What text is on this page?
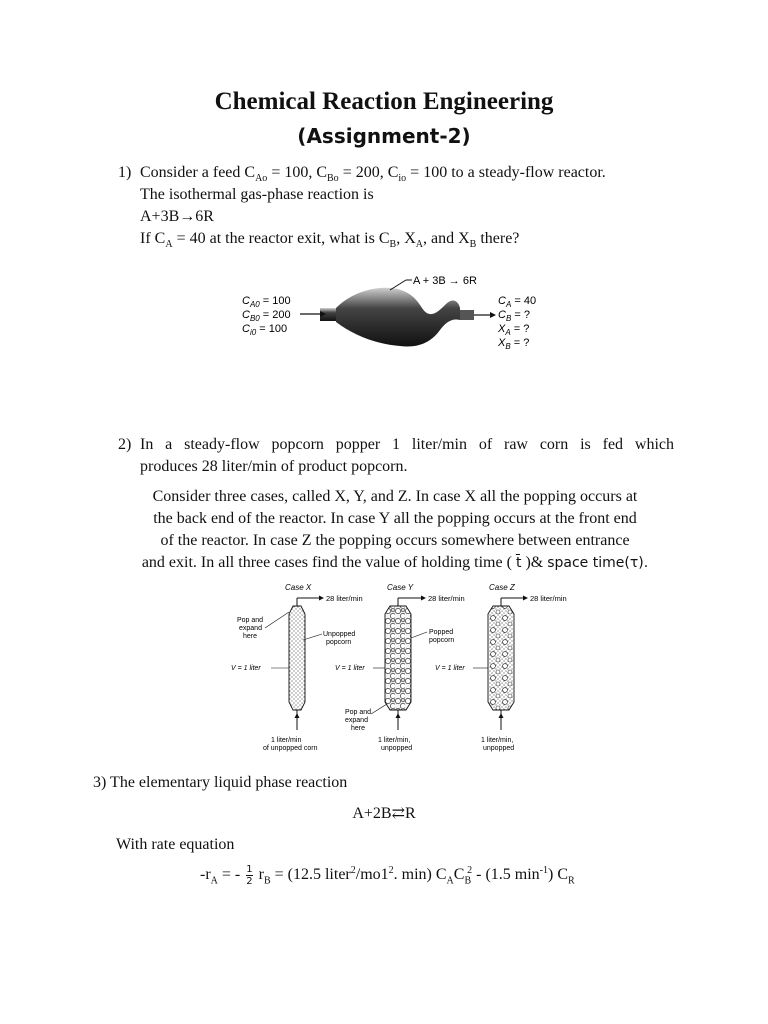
Chemical Reaction Engineering
(Assignment-2)
1) Consider a feed $C_{Ao} = 100$, $C_{Bo} = 200$, $C_{io} = 100$ to a steady-flow reactor.
The isothermal gas-phase reaction is
A+3B→6R
If $C_A = 40$ at the reactor exit, what is $C_B$, $X_A$, and $X_B$ there?
A + 3B → 6R
$C_{A0} = 100$
$C_{B0} = 200$
$C_{i0} = 100$
$C_A = 40$
$C_B$ = ?
$X_A$ = ?
$X_B$ = ?
2) In a steady-flow popcorn popper 1 liter/min of raw corn is fed which
produces 28 liter/min of product popcorn.
Consider three cases, called X, Y, and Z. In case X all the popping occurs at
the back end of the reactor. In case Y all the popping occurs at the front end
of the reactor. In case Z the popping occurs somewhere between entrance
and exit. In all three cases find the value of holding time ( t̄ )& space time(τ).
Case X	Case Y	Case Z
28 liter/min
Pop and expand here	Unpopped popcorn
V = 1 liter
1 liter/min of unpopped corn
28 liter/min
Popped popcorn
V = 1 liter
Pop and expand here
1 liter/min, unpopped
28 liter/min
V = 1 liter
1 liter/min, unpopped
3) The elementary liquid phase reaction
A+2B⇄R
With rate equation
$-r_A$ = - $\frac{1}{2} r_B = (12.5$ $liter^2/mo1^2$. min) $C_AC_B^2 - (1.5$ $\min^{-1}$) $C_R$
